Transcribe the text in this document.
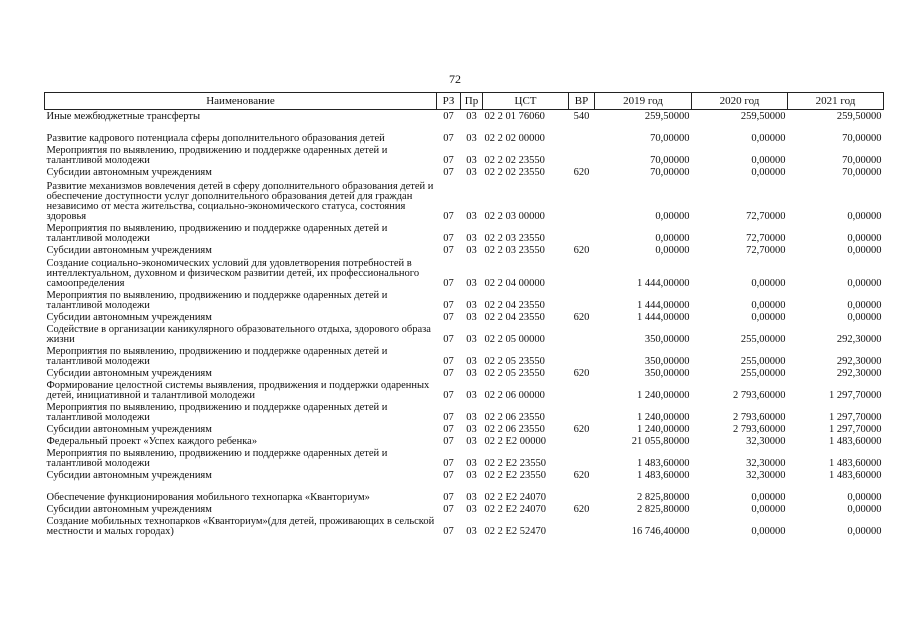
72
Наименование	РЗ	Пр	ЦСТ	ВР	2019 год	2020 год	2021 год
Иные межбюджетные трансферты	07	03	02 2 01 76060	540	259,50000	259,50000	259,50000
Развитие кадрового потенциала сферы дополнительного образования детей	07	03	02 2 02 00000		70,00000	0,00000	70,00000
Мероприятия по выявлению, продвижению и поддержке одаренных детей и талантливой молодежи	07	03	02 2 02 23550		70,00000	0,00000	70,00000
Субсидии автономным учреждениям	07	03	02 2 02 23550	620	70,00000	0,00000	70,00000
Развитие механизмов вовлечения детей в сферу дополнительного образования детей и обеспечение доступности услуг дополнительного образования детей для граждан независимо от места жительства, социально-экономического статуса, состояния здоровья	07	03	02 2 03 00000		0,00000	72,70000	0,00000
Мероприятия по выявлению, продвижению и поддержке одаренных детей и талантливой молодежи	07	03	02 2 03 23550		0,00000	72,70000	0,00000
Субсидии автономным учреждениям	07	03	02 2 03 23550	620	0,00000	72,70000	0,00000
Создание социально-экономических условий для удовлетворения потребностей в интеллектуальном, духовном и физическом развитии детей, их профессионального самоопределения	07	03	02 2 04 00000		1 444,00000	0,00000	0,00000
Мероприятия по выявлению, продвижению и поддержке одаренных детей и талантливой молодежи	07	03	02 2 04 23550		1 444,00000	0,00000	0,00000
Субсидии автономным учреждениям	07	03	02 2 04 23550	620	1 444,00000	0,00000	0,00000
Содействие в организации каникулярного образовательного отдыха, здорового образа жизни	07	03	02 2 05 00000		350,00000	255,00000	292,30000
Мероприятия по выявлению, продвижению и поддержке одаренных детей и талантливой молодежи	07	03	02 2 05 23550		350,00000	255,00000	292,30000
Субсидии автономным учреждениям	07	03	02 2 05 23550	620	350,00000	255,00000	292,30000
Формирование целостной системы выявления, продвижения и поддержки одаренных детей, инициативной и талантливой молодежи	07	03	02 2 06 00000		1 240,00000	2 793,60000	1 297,70000
Мероприятия по выявлению, продвижению и поддержке одаренных детей и талантливой молодежи	07	03	02 2 06 23550		1 240,00000	2 793,60000	1 297,70000
Субсидии автономным учреждениям	07	03	02 2 06 23550	620	1 240,00000	2 793,60000	1 297,70000
Федеральный проект «Успех каждого ребенка»	07	03	02 2 E2 00000		21 055,80000	32,30000	1 483,60000
Мероприятия по выявлению, продвижению и поддержке одаренных детей и талантливой молодежи	07	03	02 2 E2 23550		1 483,60000	32,30000	1 483,60000
Субсидии автономным учреждениям	07	03	02 2 E2 23550	620	1 483,60000	32,30000	1 483,60000
Обеспечение функционирования мобильного технопарка «Кванториум»	07	03	02 2 E2 24070		2 825,80000	0,00000	0,00000
Субсидии автономным учреждениям	07	03	02 2 E2 24070	620	2 825,80000	0,00000	0,00000
Создание мобильных технопарков «Кванториум»(для детей, проживающих в сельской местности и малых городах)	07	03	02 2 E2 52470		16 746,40000	0,00000	0,00000
